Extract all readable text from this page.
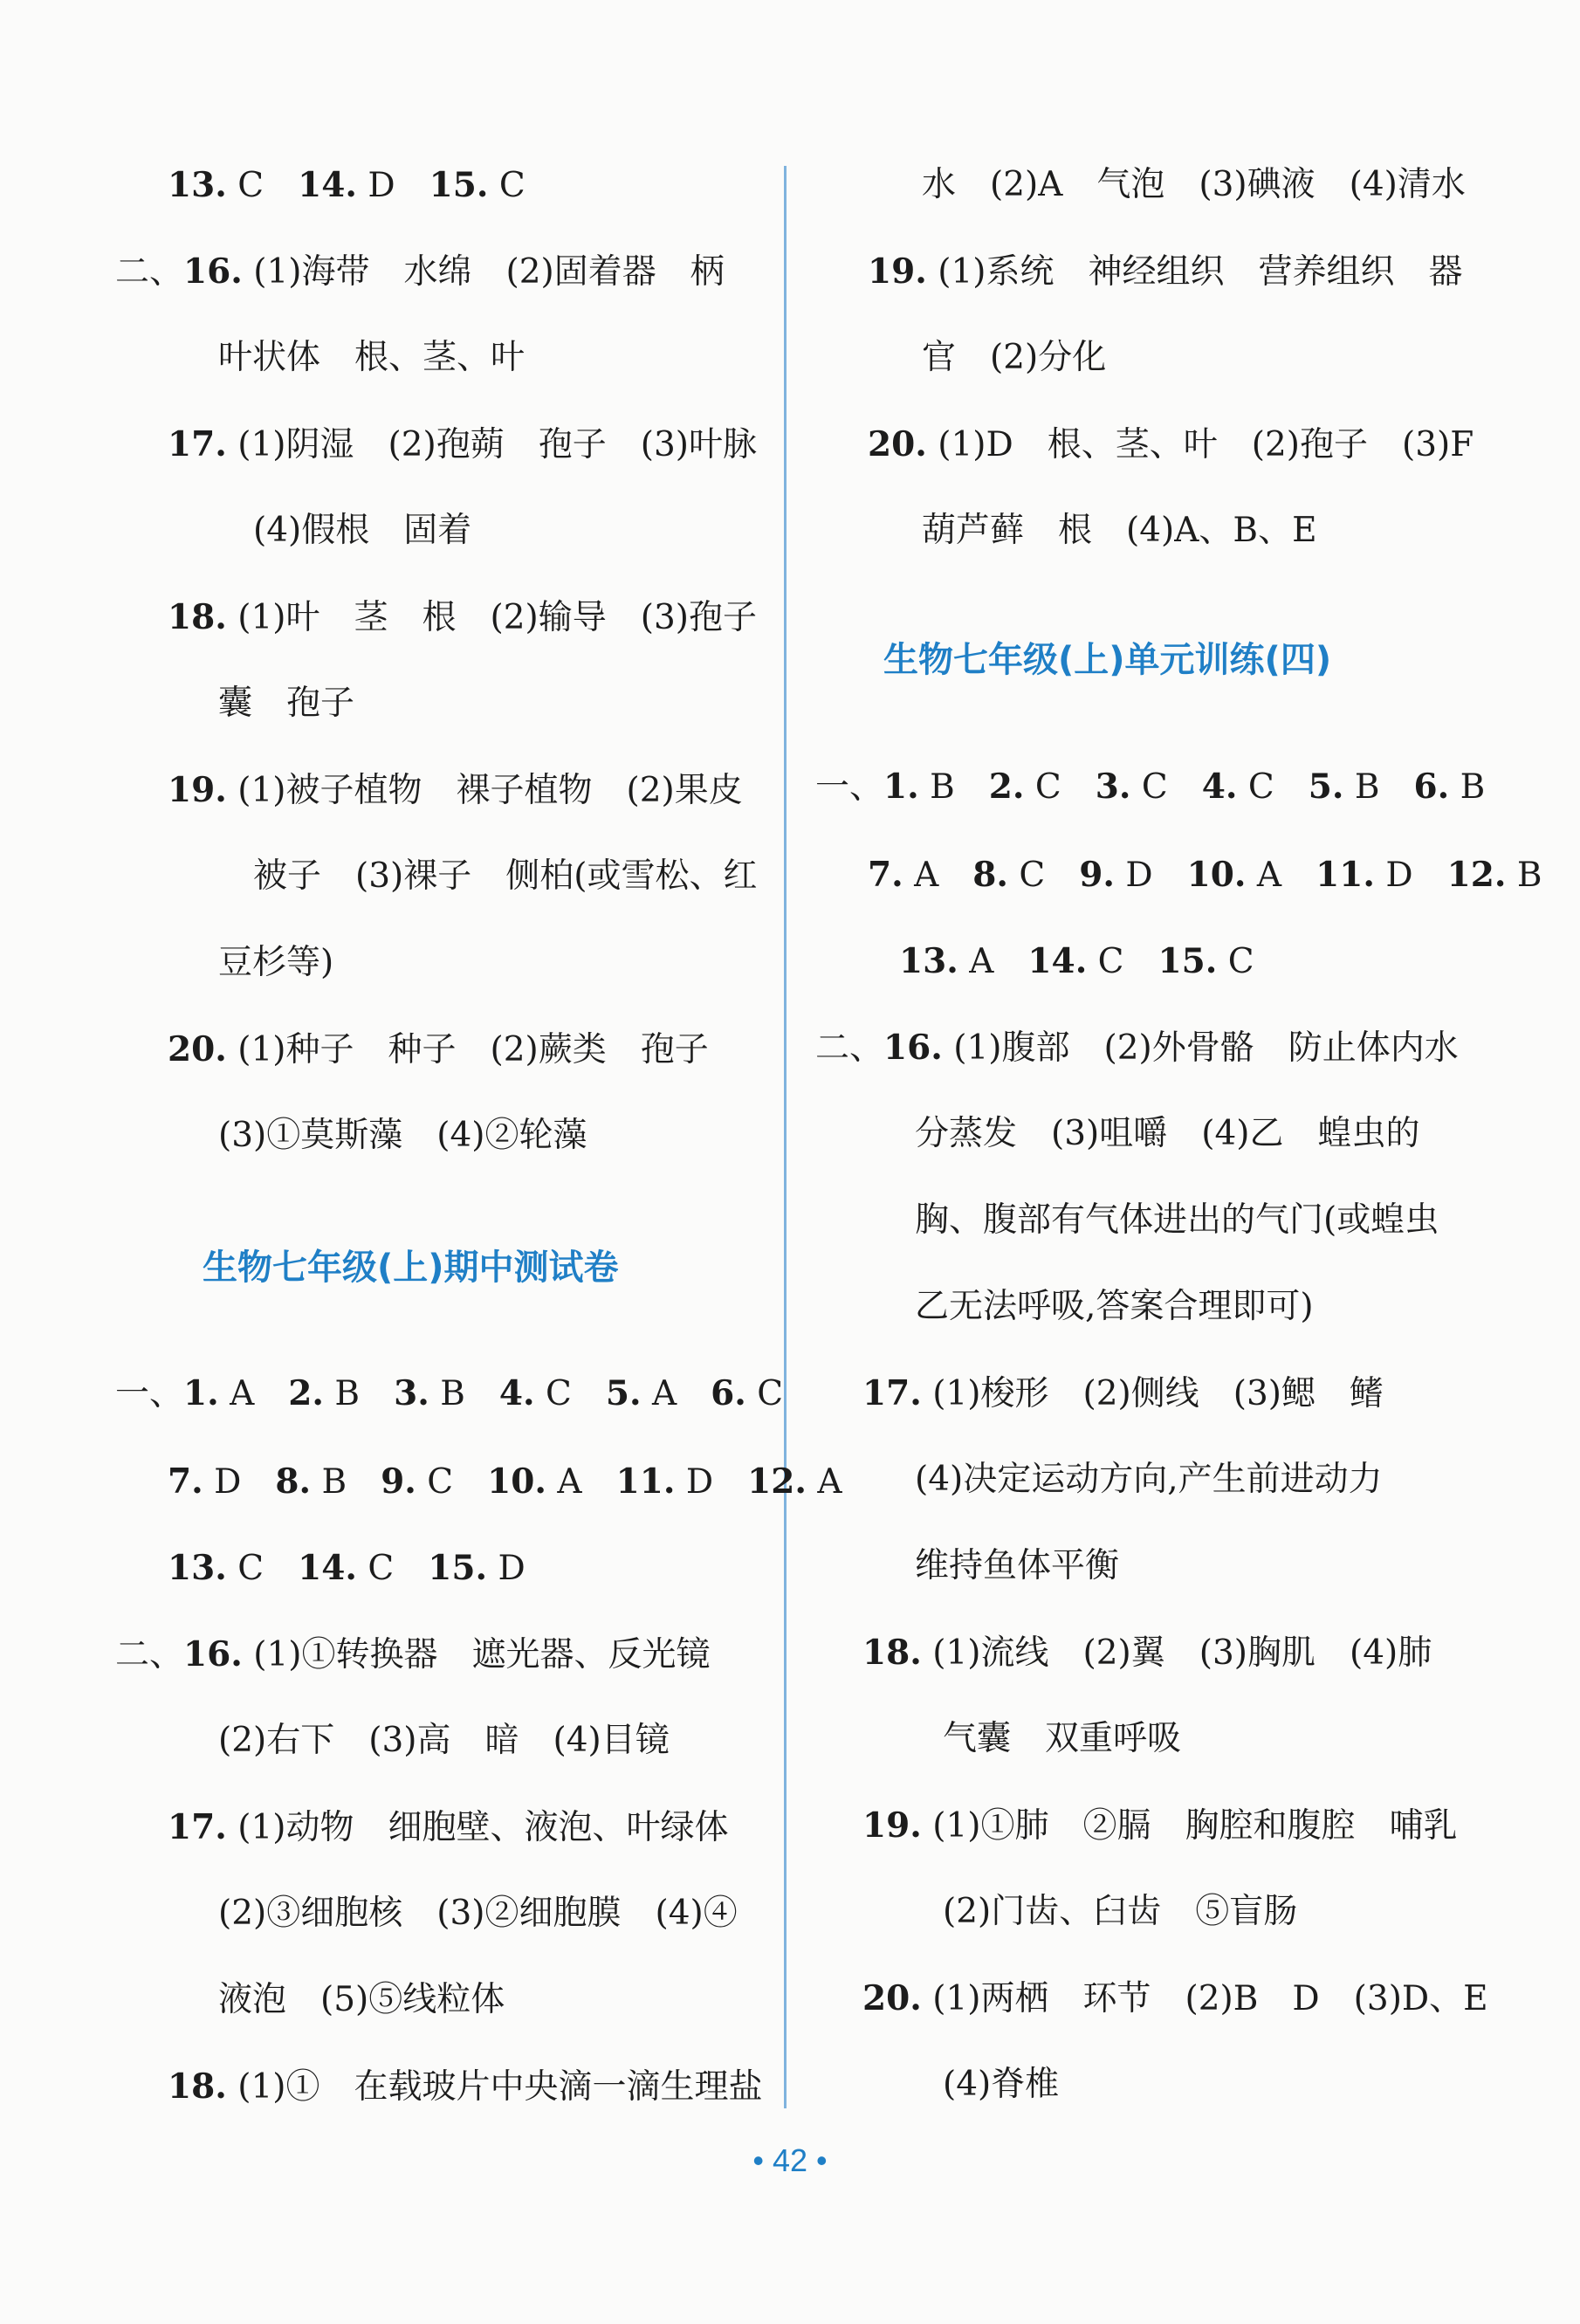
13. C　14. D　15. C
二、16. (1)海带　水绵　(2)固着器　柄
叶状体　根、茎、叶
17. (1)阴湿　(2)孢蒴　孢子　(3)叶脉
(4)假根　固着
18. (1)叶　茎　根　(2)输导　(3)孢子
囊　孢子
19. (1)被子植物　裸子植物　(2)果皮
被子　(3)裸子　侧柏(或雪松、红
豆杉等)
20. (1)种子　种子　(2)蕨类　孢子
(3)①莫斯藻　(4)②轮藻
生物七年级(上)期中测试卷
一、1. A　2. B　3. B　4. C　5. A　6. C
7. D　8. B　9. C　10. A　11. D　12. A
13. C　14. C　15. D
二、16. (1)①转换器　遮光器、反光镜
(2)右下　(3)高　暗　(4)目镜
17. (1)动物　细胞壁、液泡、叶绿体
(2)③细胞核　(3)②细胞膜　(4)④
液泡　(5)⑤线粒体
18. (1)①　在载玻片中央滴一滴生理盐
水　(2)A　气泡　(3)碘液　(4)清水
19. (1)系统　神经组织　营养组织　器
官　(2)分化
20. (1)D　根、茎、叶　(2)孢子　(3)F
葫芦藓　根　(4)A、B、E
生物七年级(上)单元训练(四)
一、1. B　2. C　3. C　4. C　5. B　6. B
7. A　8. C　9. D　10. A　11. D　12. B
13. A　14. C　15. C
二、16. (1)腹部　(2)外骨骼　防止体内水
分蒸发　(3)咀嚼　(4)乙　蝗虫的
胸、腹部有气体进出的气门(或蝗虫
乙无法呼吸,答案合理即可)
17. (1)梭形　(2)侧线　(3)鳃　鳍
(4)决定运动方向,产生前进动力
维持鱼体平衡
18. (1)流线　(2)翼　(3)胸肌　(4)肺
气囊　双重呼吸
19. (1)①肺　②膈　胸腔和腹腔　哺乳
(2)门齿、臼齿　⑤盲肠
20. (1)两栖　环节　(2)B　D　(3)D、E
(4)脊椎
• 42 •
